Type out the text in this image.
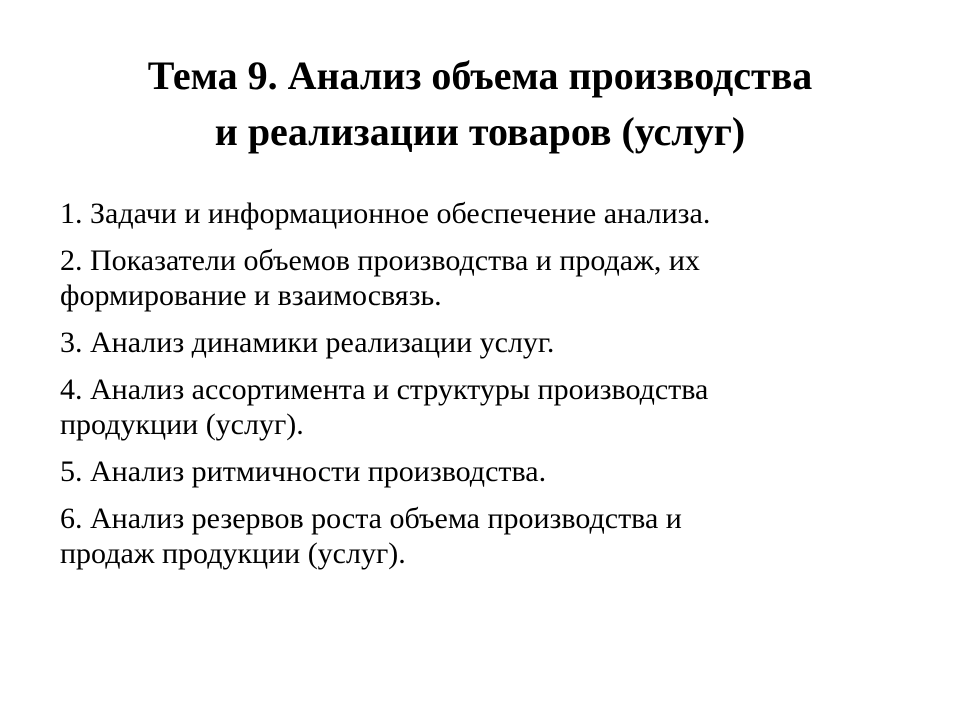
Тема 9. Анализ объема производства
и реализации товаров (услуг)
1. Задачи и информационное обеспечение анализа.
2. Показатели объемов производства и продаж, их
формирование и взаимосвязь.
3. Анализ динамики реализации услуг.
4. Анализ ассортимента и структуры производства
продукции (услуг).
5. Анализ ритмичности производства.
6. Анализ резервов роста объема производства и
продаж продукции (услуг).
